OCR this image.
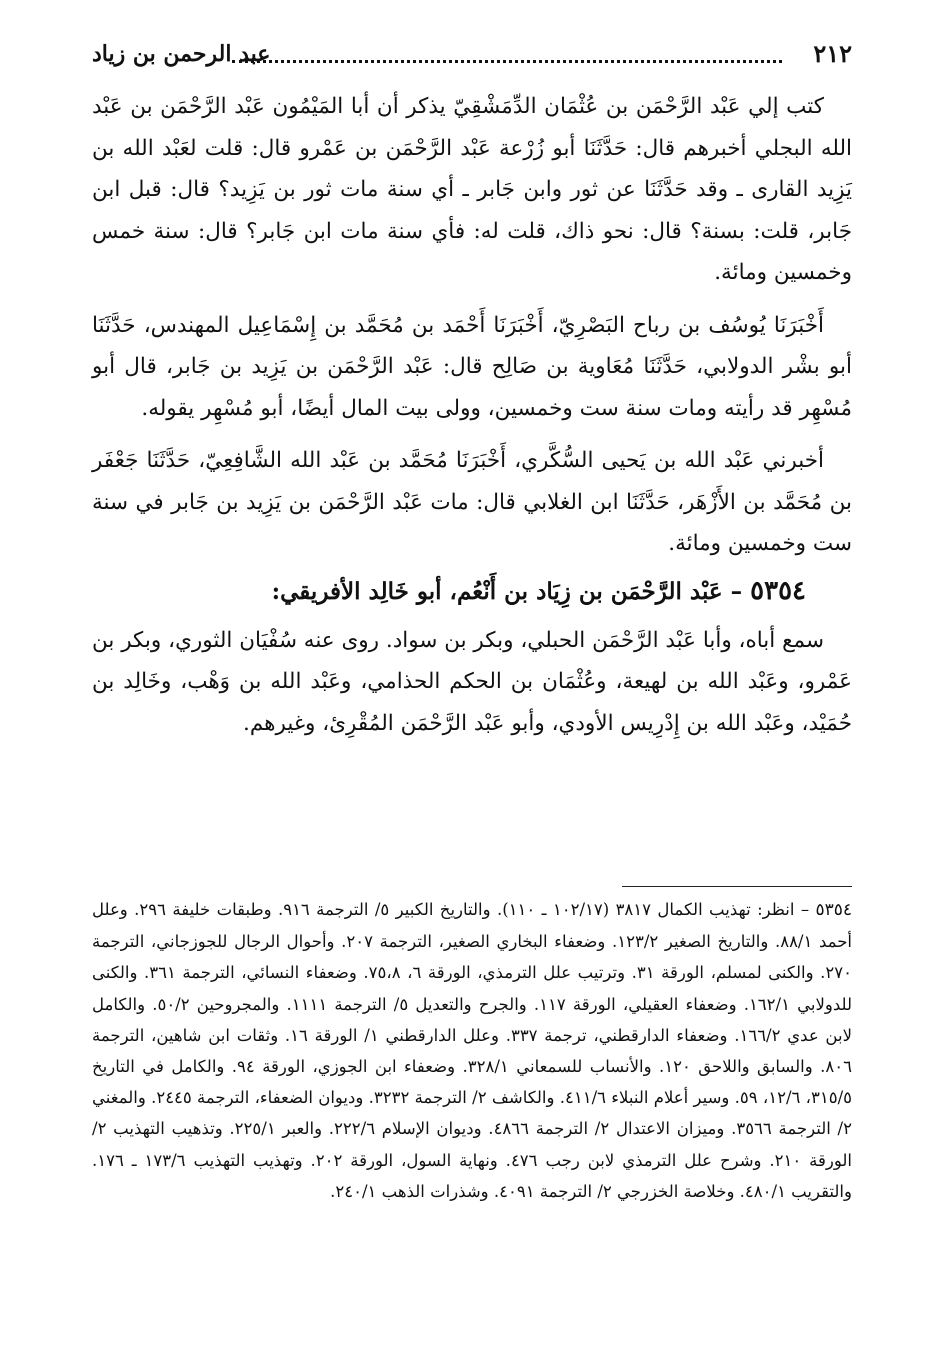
٢١٢
عبد الرحمن بن زياد

كتب إلي عَبْد الرَّحْمَن بن عُثْمَان الدِّمَشْقِيّ يذكر أن أبا المَيْمُون عَبْد الرَّحْمَن بن عَبْد الله البجلي أخبرهم قال: حَدَّثَنَا أبو زُرْعة عَبْد الرَّحْمَن بن عَمْرو قال: قلت لعَبْد الله بن يَزِيد القارى ـ وقد حَدَّثَنَا عن ثور وابن جَابر ـ أي سنة مات ثور بن يَزِيد؟ قال: قبل ابن جَابر، قلت: بسنة؟ قال: نحو ذاك، قلت له: فأي سنة مات ابن جَابر؟ قال: سنة خمس وخمسين ومائة.

أَخْبَرَنَا يُوسُف بن رباح البَصْرِيّ، أَخْبَرَنَا أَحْمَد بن مُحَمَّد بن إِسْمَاعِيل المهندس، حَدَّثَنَا أبو بشْر الدولابي، حَدَّثَنَا مُعَاوية بن صَالِح قال: عَبْد الرَّحْمَن بن يَزِيد بن جَابر، قال أبو مُسْهِر قد رأيته ومات سنة ست وخمسين، وولى بيت المال أيضًا، أبو مُسْهِر يقوله.

أخبرني عَبْد الله بن يَحيى السُّكَّري، أَخْبَرَنَا مُحَمَّد بن عَبْد الله الشَّافِعِيّ، حَدَّثَنَا جَعْفَر بن مُحَمَّد بن الأَزْهَر، حَدَّثَنَا ابن الغلابي قال: مات عَبْد الرَّحْمَن بن يَزِيد بن جَابر في سنة ست وخمسين ومائة.

٥٣٥٤ – عَبْد الرَّحْمَن بن زِيَاد بن أَنْعُم، أبو خَالِد الأفريقي:

سمع أباه، وأبا عَبْد الرَّحْمَن الحبلي، وبكر بن سواد. روى عنه سُفْيَان الثوري، وبكر بن عَمْرو، وعَبْد الله بن لهيعة، وعُثْمَان بن الحكم الحذامي، وعَبْد الله بن وَهْب، وخَالِد بن حُمَيْد، وعَبْد الله بن إِدْرِيس الأودي، وأبو عَبْد الرَّحْمَن المُقْرِئ، وغيرهم.

٥٣٥٤ – انظر: تهذيب الكمال ٣٨١٧ (١٠٢/١٧ ـ ١١٠). والتاريخ الكبير ٥/ الترجمة ٩١٦. وطبقات خليفة ٢٩٦. وعلل أحمد ٨٨/١. والتاريخ الصغير ١٢٣/٢. وضعفاء البخاري الصغير، الترجمة ٢٠٧. وأحوال الرجال للجوزجاني، الترجمة ٢٧٠. والكنى لمسلم، الورقة ٣١. وترتيب علل الترمذي، الورقة ٦، ٧٥،٨. وضعفاء النسائي، الترجمة ٣٦١. والكنى للدولابي ١٦٢/١. وضعفاء العقيلي، الورقة ١١٧. والجرح والتعديل ٥/ الترجمة ١١١١. والمجروحين ٥٠/٢. والكامل لابن عدي ١٦٦/٢. وضعفاء الدارقطني، ترجمة ٣٣٧. وعلل الدارقطني ١/ الورقة ١٦. وثقات ابن شاهين، الترجمة ٨٠٦. والسابق واللاحق ١٢٠. والأنساب للسمعاني ٣٢٨/١. وضعفاء ابن الجوزي، الورقة ٩٤. والكامل في التاريخ ٣١٥/٥، ١٢/٦، ٥٩. وسير أعلام النبلاء ٤١١/٦. والكاشف ٢/ الترجمة ٣٢٣٢. وديوان الضعفاء، الترجمة ٢٤٤٥. والمغني ٢/ الترجمة ٣٥٦٦. وميزان الاعتدال ٢/ الترجمة ٤٨٦٦. وديوان الإسلام ٢٢٢/٦. والعبر ٢٢٥/١. وتذهيب التهذيب ٢/ الورقة ٢١٠. وشرح علل الترمذي لابن رجب ٤٧٦. ونهاية السول، الورقة ٢٠٢. وتهذيب التهذيب ١٧٣/٦ ـ ١٧٦. والتقريب ٤٨٠/١. وخلاصة الخزرجي ٢/ الترجمة ٤٠٩١. وشذرات الذهب ٢٤٠/١.
